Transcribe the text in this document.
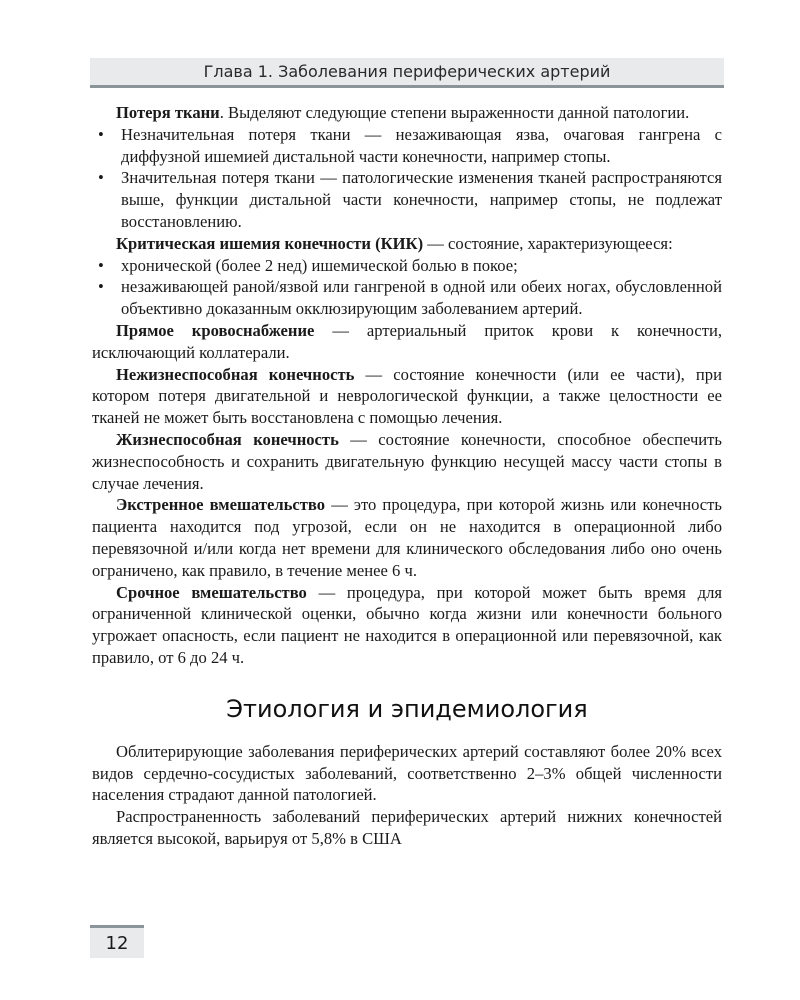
Глава 1. Заболевания периферических артерий

Потеря ткани. Выделяют следующие степени выраженности данной патологии.

• Незначительная потеря ткани — незаживающая язва, очаговая гангрена с диффузной ишемией дистальной части конечности, например стопы.
• Значительная потеря ткани — патологические изменения тканей распространяются выше, функции дистальной части конечности, например стопы, не подлежат восстановлению.

Критическая ишемия конечности (КИК) — состояние, характеризующееся:

• хронической (более 2 нед) ишемической болью в покое;
• незаживающей раной/язвой или гангреной в одной или обеих ногах, обусловленной объективно доказанным окклюзирующим заболеванием артерий.

Прямое кровоснабжение — артериальный приток крови к конечности, исключающий коллатерали.

Нежизнеспособная конечность — состояние конечности (или ее части), при котором потеря двигательной и неврологической функции, а также целостности ее тканей не может быть восстановлена с помощью лечения.

Жизнеспособная конечность — состояние конечности, способное обеспечить жизнеспособность и сохранить двигательную функцию несущей массу части стопы в случае лечения.

Экстренное вмешательство — это процедура, при которой жизнь или конечность пациента находится под угрозой, если он не находится в операционной либо перевязочной и/или когда нет времени для клинического обследования либо оно очень ограничено, как правило, в течение менее 6 ч.

Срочное вмешательство — процедура, при которой может быть время для ограниченной клинической оценки, обычно когда жизни или конечности больного угрожает опасность, если пациент не находится в операционной или перевязочной, как правило, от 6 до 24 ч.

Этиология и эпидемиология

Облитерирующие заболевания периферических артерий составляют более 20% всех видов сердечно-сосудистых заболеваний, соответственно 2–3% общей численности населения страдают данной патологией.

Распространенность заболеваний периферических артерий нижних конечностей является высокой, варьируя от 5,8% в США

12
